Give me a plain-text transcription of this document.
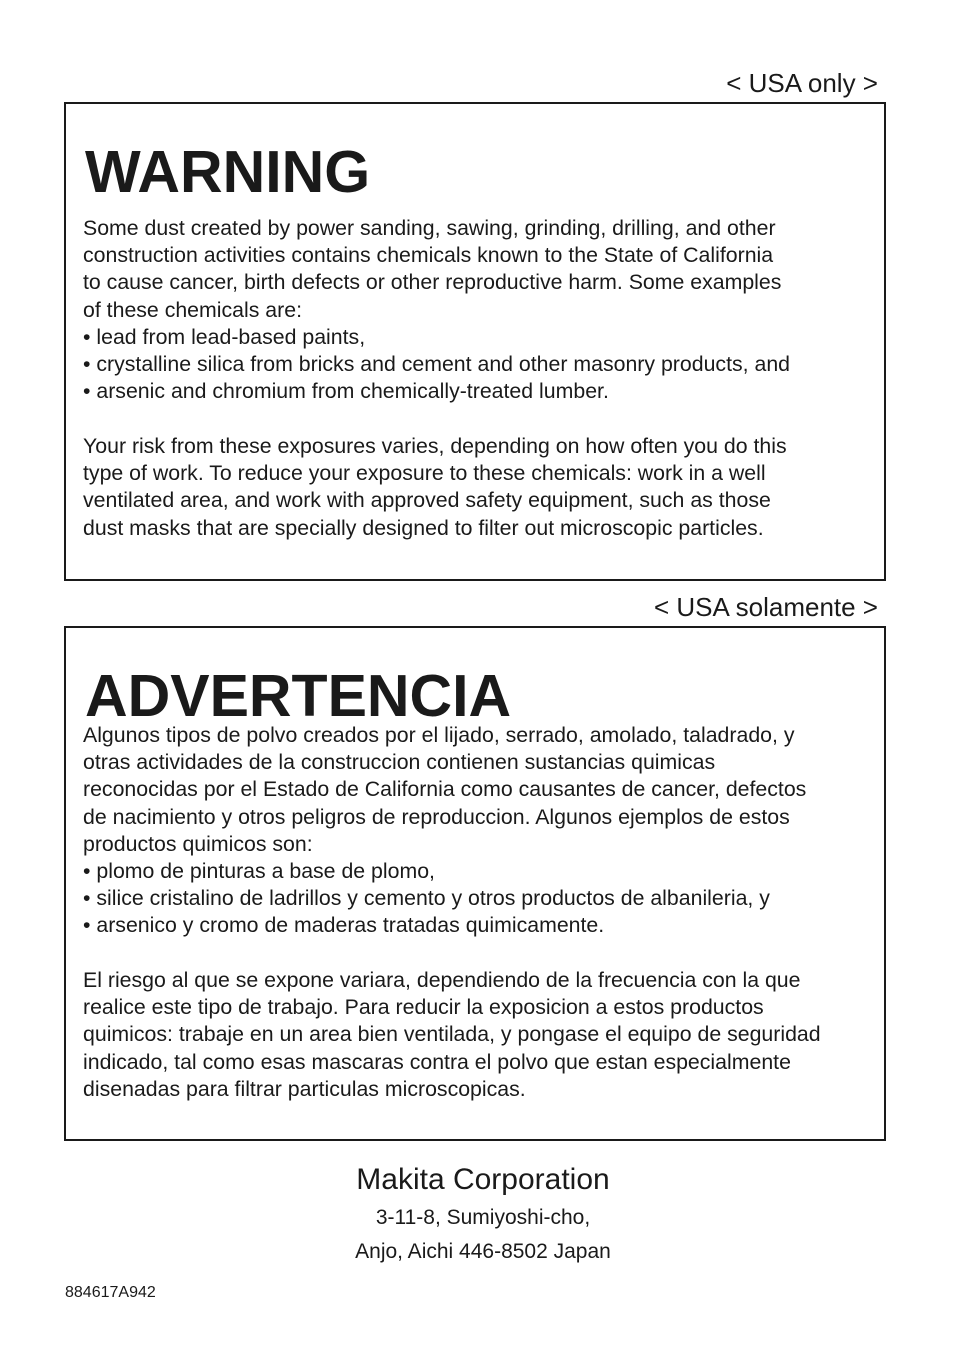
< USA only >
WARNING
Some dust created by power sanding, sawing, grinding, drilling, and other
construction activities contains chemicals known to the State of California
to cause cancer, birth defects or other reproductive harm. Some examples
of these chemicals are:
• lead from lead-based paints,
• crystalline silica from bricks and cement and other masonry products, and
• arsenic and chromium from chemically-treated lumber.
Your risk from these exposures varies, depending on how often you do this
type of work. To reduce your exposure to these chemicals: work in a well
ventilated area, and work with approved safety equipment, such as those
dust masks that are specially designed to filter out microscopic particles.
< USA solamente >
ADVERTENCIA
Algunos tipos de polvo creados por el lijado, serrado, amolado, taladrado, y
otras actividades de la construccion contienen sustancias quimicas
reconocidas por el Estado de California como causantes de cancer, defectos
de nacimiento y otros peligros de reproduccion. Algunos ejemplos de estos
productos quimicos son:
• plomo de pinturas a base de plomo,
• silice cristalino de ladrillos y cemento y otros productos de albanileria, y
• arsenico y cromo de maderas tratadas quimicamente.
El riesgo al que se expone variara, dependiendo de la frecuencia con la que
realice este tipo de trabajo. Para reducir la exposicion a estos productos
quimicos: trabaje en un area bien ventilada, y pongase el equipo de seguridad
indicado, tal como esas mascaras contra el polvo que estan especialmente
disenadas para filtrar particulas microscopicas.
Makita Corporation
3-11-8, Sumiyoshi-cho,
Anjo, Aichi 446-8502 Japan
884617A942
